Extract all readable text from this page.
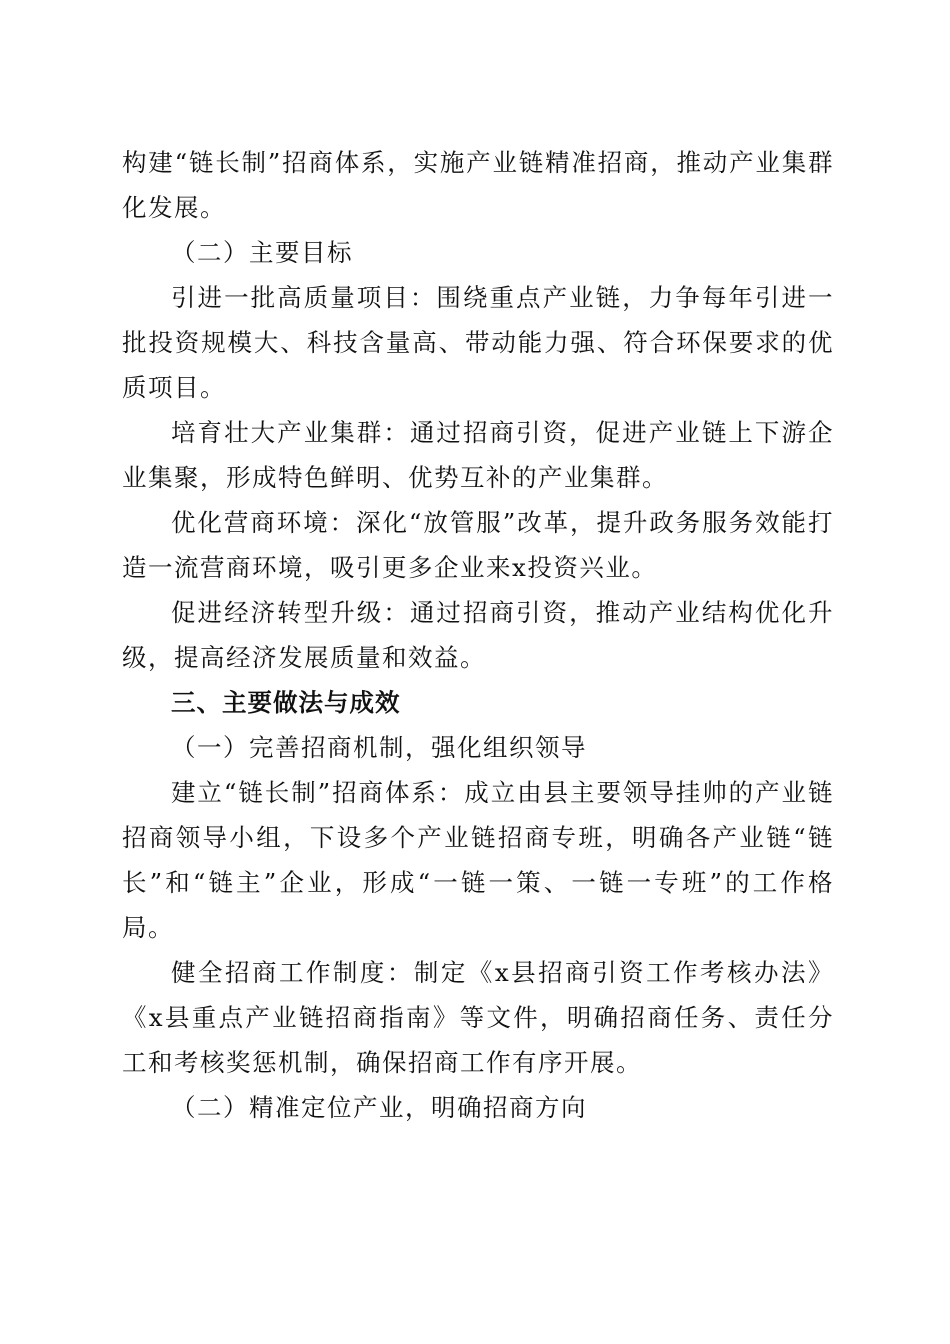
构建“链长制”招商体系，实施产业链精准招商，推动产业集群化发展。

（二）主要目标

引进一批高质量项目：围绕重点产业链，力争每年引进一批投资规模大、科技含量高、带动能力强、符合环保要求的优质项目。

培育壮大产业集群：通过招商引资，促进产业链上下游企业集聚，形成特色鲜明、优势互补的产业集群。

优化营商环境：深化“放管服”改革，提升政务服务效能打造一流营商环境，吸引更多企业来x投资兴业。

促进经济转型升级：通过招商引资，推动产业结构优化升级，提高经济发展质量和效益。

三、主要做法与成效

（一）完善招商机制，强化组织领导

建立“链长制”招商体系：成立由县主要领导挂帅的产业链招商领导小组，下设多个产业链招商专班，明确各产业链“链长”和“链主”企业，形成“一链一策、一链一专班”的工作格局。

健全招商工作制度：制定《x县招商引资工作考核办法》《x县重点产业链招商指南》等文件，明确招商任务、责任分工和考核奖惩机制，确保招商工作有序开展。

（二）精准定位产业，明确招商方向
